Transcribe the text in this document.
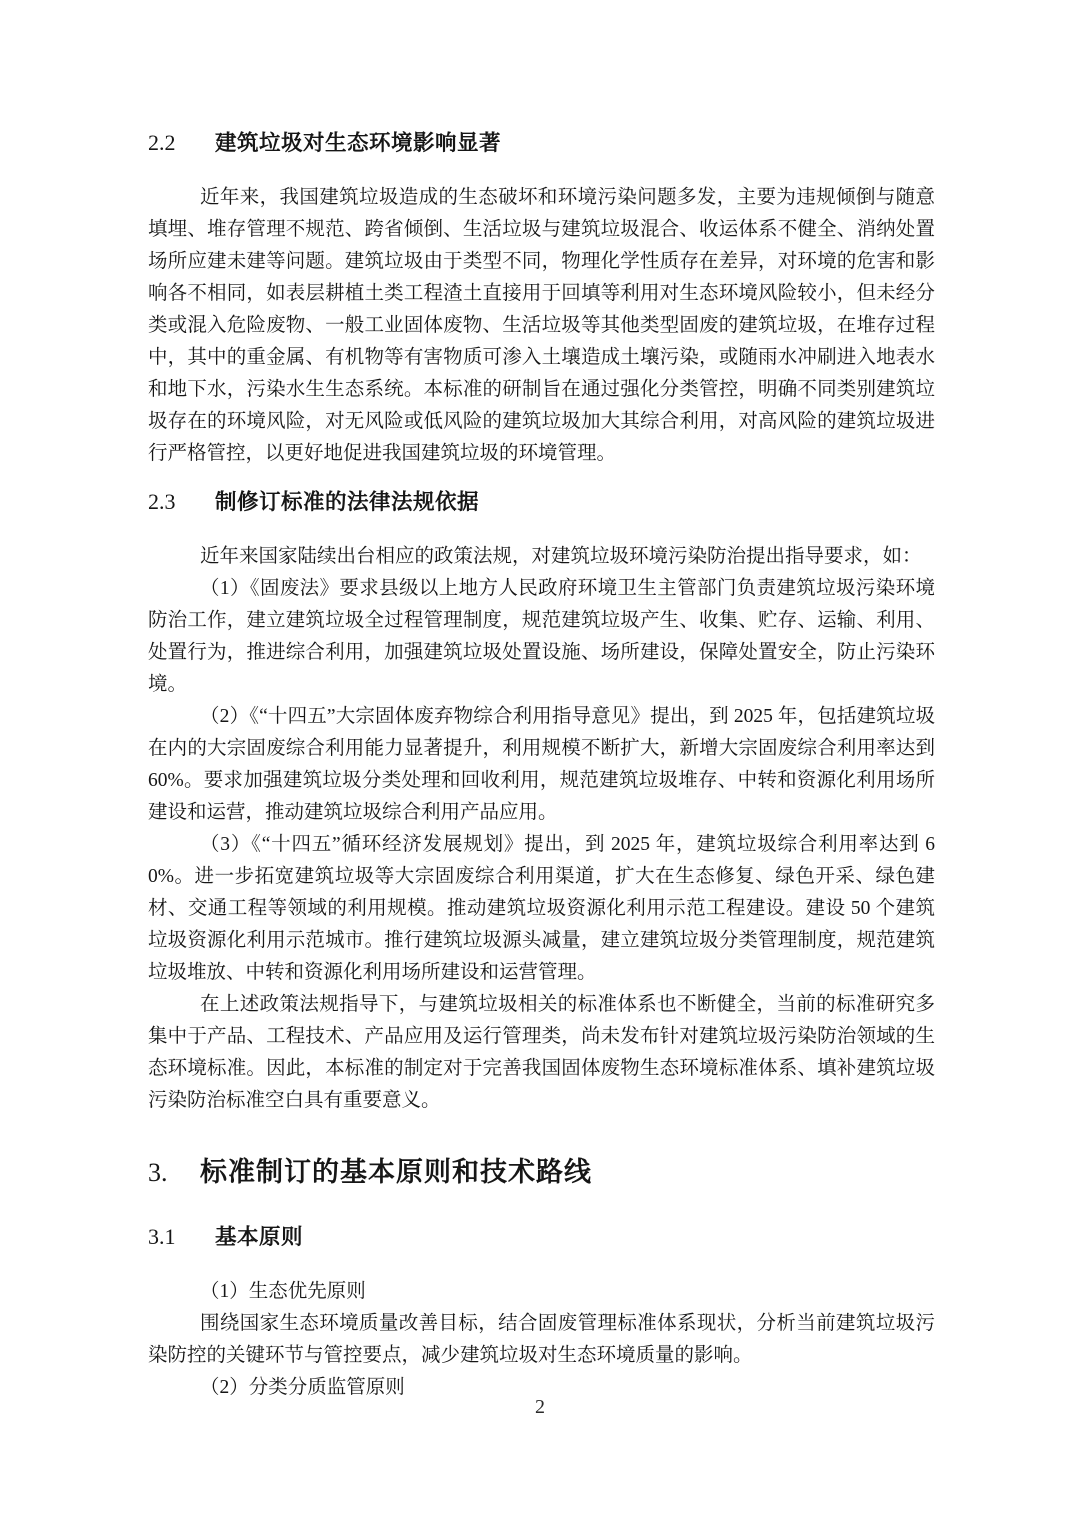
2.2	建筑垃圾对生态环境影响显著

近年来，我国建筑垃圾造成的生态破坏和环境污染问题多发，主要为违规倾倒与随意填埋、堆存管理不规范、跨省倾倒、生活垃圾与建筑垃圾混合、收运体系不健全、消纳处置场所应建未建等问题。建筑垃圾由于类型不同，物理化学性质存在差异，对环境的危害和影响各不相同，如表层耕植土类工程渣土直接用于回填等利用对生态环境风险较小，但未经分类或混入危险废物、一般工业固体废物、生活垃圾等其他类型固废的建筑垃圾，在堆存过程中，其中的重金属、有机物等有害物质可渗入土壤造成土壤污染，或随雨水冲刷进入地表水和地下水，污染水生生态系统。本标准的研制旨在通过强化分类管控，明确不同类别建筑垃圾存在的环境风险，对无风险或低风险的建筑垃圾加大其综合利用，对高风险的建筑垃圾进行严格管控，以更好地促进我国建筑垃圾的环境管理。

2.3	制修订标准的法律法规依据

近年来国家陆续出台相应的政策法规，对建筑垃圾环境污染防治提出指导要求，如：

（1）《固废法》要求县级以上地方人民政府环境卫生主管部门负责建筑垃圾污染环境防治工作，建立建筑垃圾全过程管理制度，规范建筑垃圾产生、收集、贮存、运输、利用、处置行为，推进综合利用，加强建筑垃圾处置设施、场所建设，保障处置安全，防止污染环境。

（2）《“十四五”大宗固体废弃物综合利用指导意见》提出，到 2025 年，包括建筑垃圾在内的大宗固废综合利用能力显著提升，利用规模不断扩大，新增大宗固废综合利用率达到 60%。要求加强建筑垃圾分类处理和回收利用，规范建筑垃圾堆存、中转和资源化利用场所建设和运营，推动建筑垃圾综合利用产品应用。

（3）《“十四五”循环经济发展规划》提出，到 2025 年，建筑垃圾综合利用率达到 60%。进一步拓宽建筑垃圾等大宗固废综合利用渠道，扩大在生态修复、绿色开采、绿色建材、交通工程等领域的利用规模。推动建筑垃圾资源化利用示范工程建设。建设 50 个建筑垃圾资源化利用示范城市。推行建筑垃圾源头减量，建立建筑垃圾分类管理制度，规范建筑垃圾堆放、中转和资源化利用场所建设和运营管理。

在上述政策法规指导下，与建筑垃圾相关的标准体系也不断健全，当前的标准研究多集中于产品、工程技术、产品应用及运行管理类，尚未发布针对建筑垃圾污染防治领域的生态环境标准。因此，本标准的制定对于完善我国固体废物生态环境标准体系、填补建筑垃圾污染防治标准空白具有重要意义。

3.	标准制订的基本原则和技术路线
3.1	基本原则

（1）生态优先原则

围绕国家生态环境质量改善目标，结合固废管理标准体系现状，分析当前建筑垃圾污染防控的关键环节与管控要点，减少建筑垃圾对生态环境质量的影响。

（2）分类分质监管原则

2
